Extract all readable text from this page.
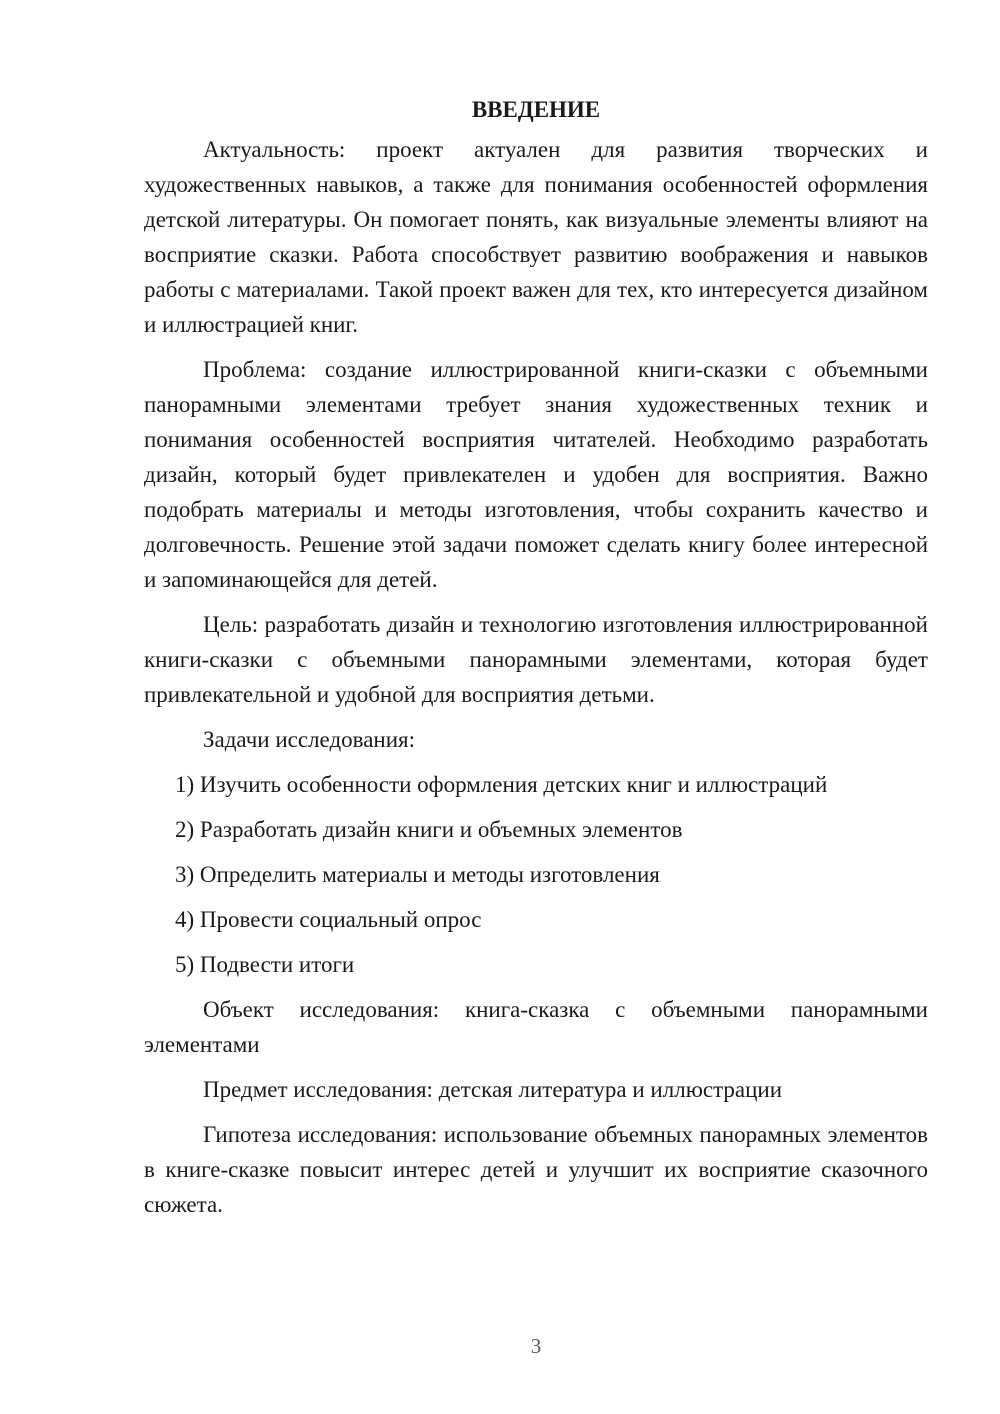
ВВЕДЕНИЕ

Актуальность: проект актуален для развития творческих и художественных навыков, а также для понимания особенностей оформления детской литературы. Он помогает понять, как визуальные элементы влияют на восприятие сказки. Работа способствует развитию воображения и навыков работы с материалами. Такой проект важен для тех, кто интересуется дизайном и иллюстрацией книг.

Проблема: создание иллюстрированной книги-сказки с объемными панорамными элементами требует знания художественных техник и понимания особенностей восприятия читателей. Необходимо разработать дизайн, который будет привлекателен и удобен для восприятия. Важно подобрать материалы и методы изготовления, чтобы сохранить качество и долговечность. Решение этой задачи поможет сделать книгу более интересной и запоминающейся для детей.

Цель: разработать дизайн и технологию изготовления иллюстрированной книги-сказки с объемными панорамными элементами, которая будет привлекательной и удобной для восприятия детьми.

Задачи исследования:

1) Изучить особенности оформления детских книг и иллюстраций
2) Разработать дизайн книги и объемных элементов
3) Определить материалы и методы изготовления
4) Провести социальный опрос
5) Подвести итоги

Объект исследования: книга-сказка с объемными панорамными элементами

Предмет исследования: детская литература и иллюстрации

Гипотеза исследования: использование объемных панорамных элементов в книге-сказке повысит интерес детей и улучшит их восприятие сказочного сюжета.

3
